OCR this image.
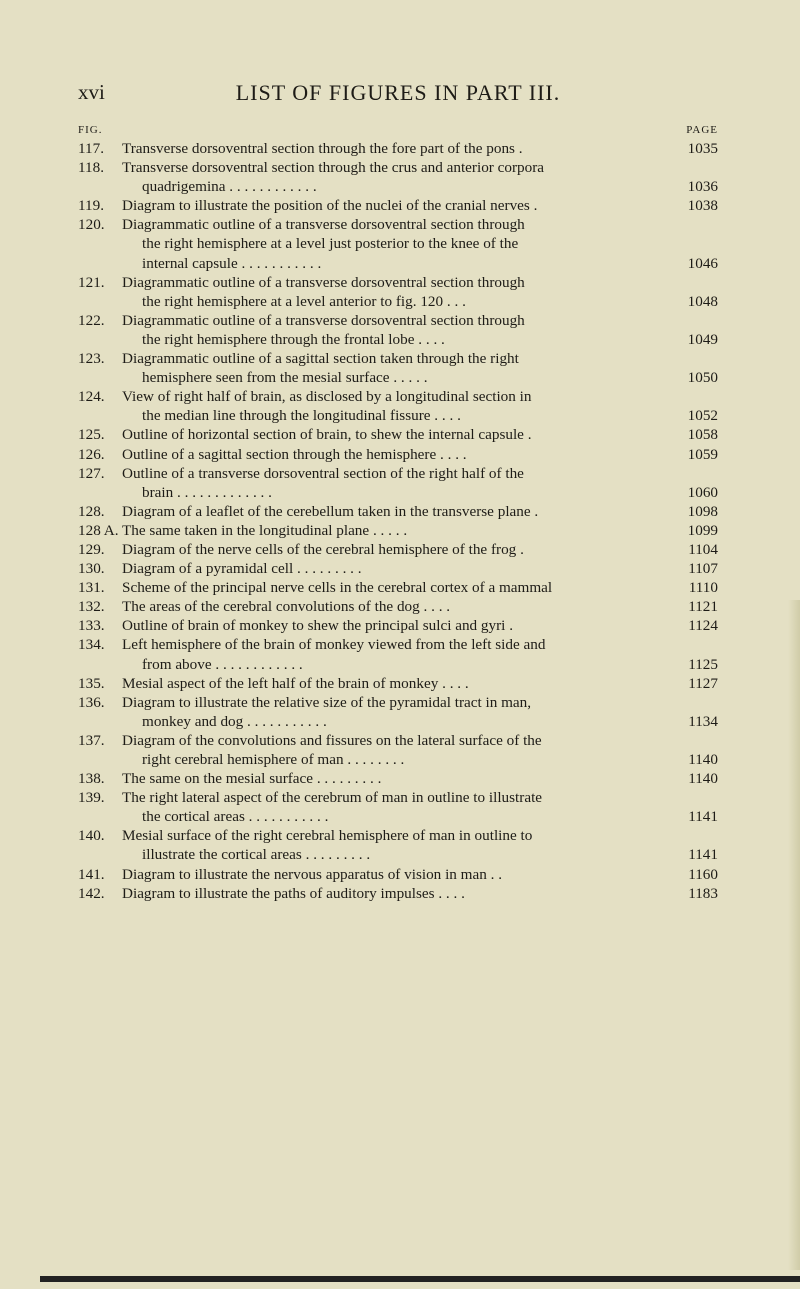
xvi	LIST OF FIGURES IN PART III.
FIG.	PAGE
117.	Transverse dorsoventral section through the fore part of the pons .	1035
118.	Transverse dorsoventral section through the crus and anterior corpora
quadrigemina . . . . . . . . . . . .	1036
119.	Diagram to illustrate the position of the nuclei of the cranial nerves .	1038
120.	Diagrammatic outline of a transverse dorsoventral section through
the right hemisphere at a level just posterior to the knee of the
internal capsule . . . . . . . . . . .	1046
121.	Diagrammatic outline of a transverse dorsoventral section through
the right hemisphere at a level anterior to fig. 120 . . .	1048
122.	Diagrammatic outline of a transverse dorsoventral section through
the right hemisphere through the frontal lobe . . . .	1049
123.	Diagrammatic outline of a sagittal section taken through the right
hemisphere seen from the mesial surface . . . . .	1050
124.	View of right half of brain, as disclosed by a longitudinal section in
the median line through the longitudinal fissure . . . .	1052
125.	Outline of horizontal section of brain, to shew the internal capsule .	1058
126.	Outline of a sagittal section through the hemisphere . . . .	1059
127.	Outline of a transverse dorsoventral section of the right half of the
brain . . . . . . . . . . . . .	1060
128.	Diagram of a leaflet of the cerebellum taken in the transverse plane .	1098
128 A. The same taken in the longitudinal plane . . . . .	1099
129.	Diagram of the nerve cells of the cerebral hemisphere of the frog .	1104
130.	Diagram of a pyramidal cell . . . . . . . . .	1107
131.	Scheme of the principal nerve cells in the cerebral cortex of a mammal	1110
132.	The areas of the cerebral convolutions of the dog . . . .	1121
133.	Outline of brain of monkey to shew the principal sulci and gyri .	1124
134.	Left hemisphere of the brain of monkey viewed from the left side and
from above . . . . . . . . . . . .	1125
135.	Mesial aspect of the left half of the brain of monkey . . . .	1127
136.	Diagram to illustrate the relative size of the pyramidal tract in man,
monkey and dog . . . . . . . . . . .	1134
137.	Diagram of the convolutions and fissures on the lateral surface of the
right cerebral hemisphere of man . . . . . . . .	1140
138.	The same on the mesial surface . . . . . . . . .	1140
139.	The right lateral aspect of the cerebrum of man in outline to illustrate
the cortical areas . . . . . . . . . . .	1141
140.	Mesial surface of the right cerebral hemisphere of man in outline to
illustrate the cortical areas . . . . . . . . .	1141
141.	Diagram to illustrate the nervous apparatus of vision in man . .	1160
142.	Diagram to illustrate the paths of auditory impulses . . . .	1183
